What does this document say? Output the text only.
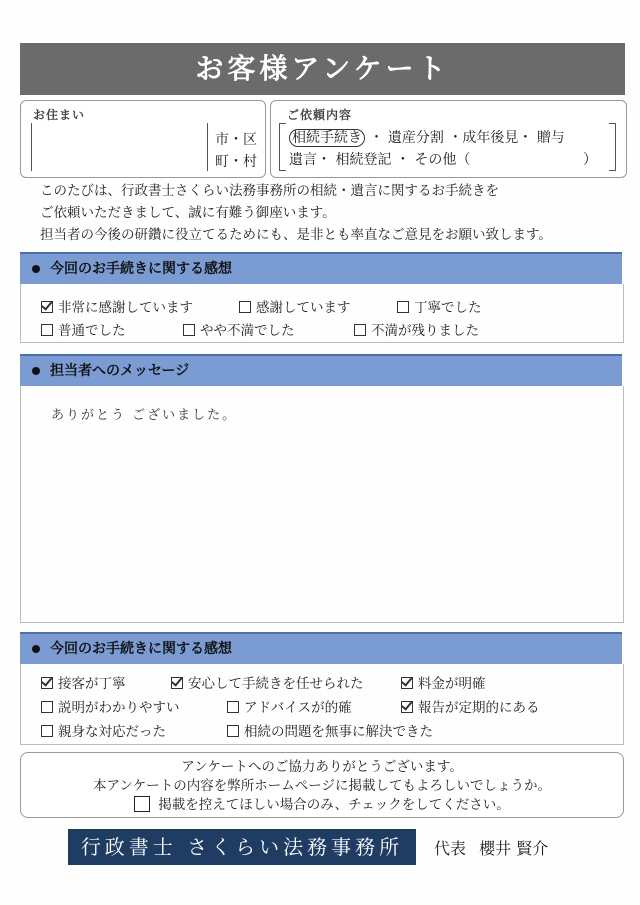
お客様アンケート
お住まい
市・区
町・村
ご依頼内容
相続手続き ・ 遺産分割 ・成年後見・ 贈与
遺言・ 相続登記 ・ その他（	）
このたびは、行政書士さくらい法務事務所の相続・遺言に関するお手続きを
ご依頼いただきまして、誠に有難う御座います。
担当者の今後の研鑽に役立てるためにも、是非とも率直なご意見をお願い致します。
今回のお手続きに関する感想
非常に感謝しています	感謝しています	丁寧でした
普通でした	やや不満でした	不満が残りました
担当者へのメッセージ
ありがとう ございました。
今回のお手続きに関する感想
接客が丁寧	安心して手続きを任せられた	料金が明確
説明がわかりやすい	アドバイスが的確	報告が定期的にある
親身な対応だった	相続の問題を無事に解決できた
アンケートへのご協力ありがとうございます。
本アンケートの内容を弊所ホームページに掲載してもよろしいでしょうか。
掲載を控えてほしい場合のみ、チェックをしてください。
行政書士 さくらい法務事務所	代表 櫻井 賢介
